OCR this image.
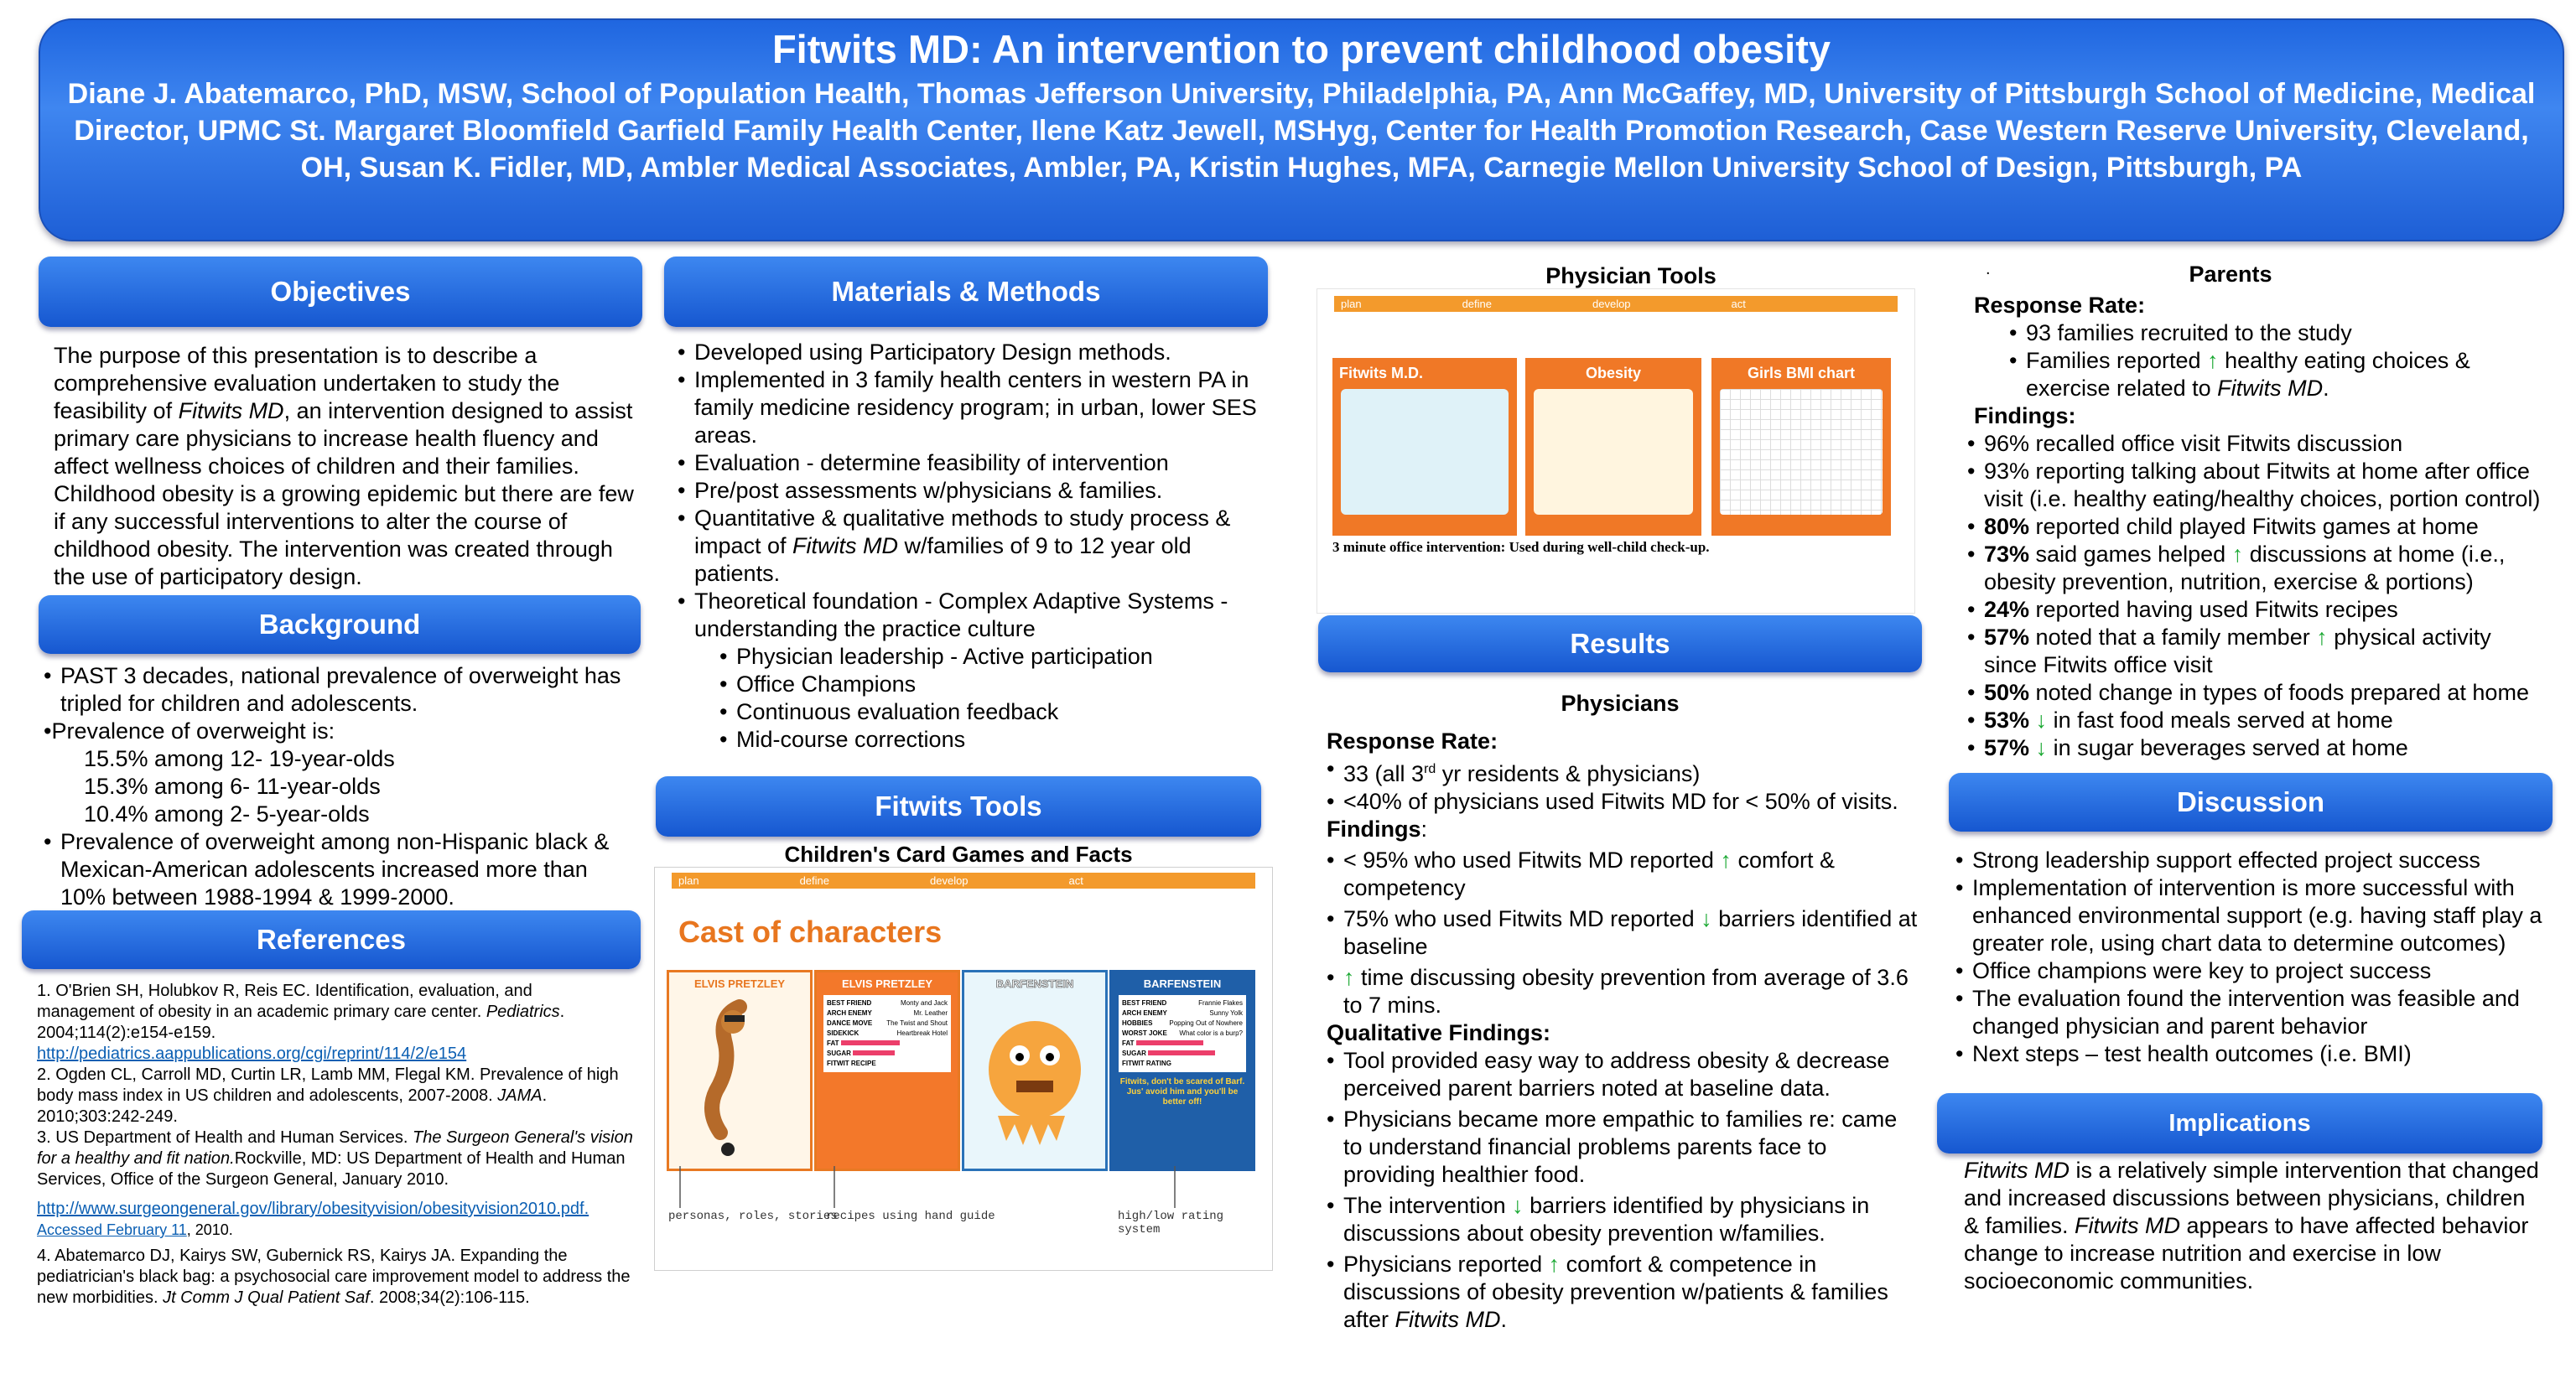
Fitwits MD: An intervention to prevent childhood obesity
Diane J. Abatemarco, PhD, MSW, School of Population Health, Thomas Jefferson University, Philadelphia, PA, Ann McGaffey, MD, University of Pittsburgh School of Medicine, Medical Director, UPMC St. Margaret Bloomfield Garfield Family Health Center, Ilene Katz Jewell, MSHyg, Center for Health Promotion Research, Case Western Reserve University, Cleveland, OH, Susan K. Fidler, MD, Ambler Medical Associates, Ambler, PA, Kristin Hughes, MFA, Carnegie Mellon University School of Design, Pittsburgh, PA
Objectives
The purpose of this presentation is to describe a comprehensive evaluation undertaken to study the feasibility of Fitwits MD, an intervention designed to assist primary care physicians to increase health fluency and affect wellness choices of children and their families. Childhood obesity is a growing epidemic but there are few if any successful interventions to alter the course of childhood obesity. The intervention was created through the use of participatory design.
Background
• PAST 3 decades, national prevalence of overweight has tripled for children and adolescents.
•Prevalence of overweight is:
15.5% among 12- 19-year-olds
15.3% among 6- 11-year-olds
10.4% among 2- 5-year-olds
• Prevalence of overweight among non-Hispanic black & Mexican-American adolescents increased more than 10% between 1988-1994 & 1999-2000.
References
1. O'Brien SH, Holubkov R, Reis EC. Identification, evaluation, and management of obesity in an academic primary care center. Pediatrics. 2004;114(2):e154-e159.
http://pediatrics.aappublications.org/cgi/reprint/114/2/e154
2. Ogden CL, Carroll MD, Curtin LR, Lamb MM, Flegal KM. Prevalence of high body mass index in US children and adolescents, 2007-2008. JAMA. 2010;303:242-249.
3. US Department of Health and Human Services. The Surgeon General's vision for a healthy and fit nation.Rockville, MD: US Department of Health and Human Services, Office of the Surgeon General, January 2010.
http://www.surgeongeneral.gov/library/obesityvision/obesityvision2010.pdf.
Accessed February 11, 2010.
4. Abatemarco DJ, Kairys SW, Gubernick RS, Kairys JA. Expanding the pediatrician's black bag: a psychosocial care improvement model to address the new morbidities. Jt Comm J Qual Patient Saf. 2008;34(2):106-115.
Materials & Methods
• Developed using Participatory Design methods.
• Implemented in 3 family health centers in western PA in family medicine residency program; in urban, lower SES areas.
• Evaluation - determine feasibility of intervention
• Pre/post assessments w/physicians & families.
• Quantitative & qualitative methods to study process & impact of Fitwits MD w/families of 9 to 12 year old patients.
• Theoretical foundation - Complex Adaptive Systems - understanding the practice culture
• Physician leadership - Active participation
• Office Champions
• Continuous evaluation feedback
• Mid-course corrections
Fitwits Tools
Children's Card Games and Facts
plan	define	develop	act
Cast of characters
ELVIS PRETZLEY	ELVIS PRETZLEY
BEST FRIEND	Monty and Jack
ARCH ENEMY	Mr. Leather
DANCE MOVE The Twist and Shout
SIDEKICK	Heartbreak Hotel
FAT
SUGAR
FITWIT RECIPE
BARFENSTEIN	BARFENSTEIN
BEST FRIEND	Frannie Flakes
ARCH ENEMY	Sunny Yolk
HOBBIES Popping Out of Nowhere
WORST JOKE What color is a burp?
FAT
SUGAR
FITWIT RATING
Fitwits, don't be scared of Barf. Jus' avoid him and you'll be better off!
personas, roles, stories
recipes using hand guide	high/low rating system
Physician Tools
plan	define	develop	act
Fitwits M.D.	Obesity	Girls BMI chart
3 minute office intervention: Used during well-child check-up.
Results
Physicians
Response Rate:
• 33 (all 3rd yr residents & physicians)
• <40% of physicians used Fitwits MD for < 50% of visits.
Findings:
• < 95% who used Fitwits MD reported ↑ comfort & competency
• 75% who used Fitwits MD reported ↓ barriers identified at baseline
• ↑ time discussing obesity prevention from average of 3.6 to 7 mins.
Qualitative Findings:
• Tool provided easy way to address obesity & decrease perceived parent barriers noted at baseline data.
• Physicians became more empathic to families re: came to understand financial problems parents face to providing healthier food.
• The intervention ↓ barriers identified by physicians in discussions about obesity prevention w/families.
• Physicians reported ↑ comfort & competence in discussions of obesity prevention w/patients & families after Fitwits MD.
.	Parents
Response Rate:
• 93 families recruited to the study
• Families reported ↑ healthy eating choices & exercise related to Fitwits MD.
Findings:
• 96% recalled office visit Fitwits discussion
• 93% reporting talking about Fitwits at home after office visit (i.e. healthy eating/healthy choices, portion control)
• 80% reported child played Fitwits games at home
• 73% said games helped ↑ discussions at home (i.e., obesity prevention, nutrition, exercise & portions)
• 24% reported having used Fitwits recipes
• 57% noted that a family member ↑ physical activity since Fitwits office visit
• 50% noted change in types of foods prepared at home
• 53% ↓ in fast food meals served at home
• 57% ↓ in sugar beverages served at home
Discussion
• Strong leadership support effected project success
• Implementation of intervention is more successful with enhanced environmental support (e.g. having staff play a greater role, using chart data to determine outcomes)
• Office champions were key to project success
• The evaluation found the intervention was feasible and changed physician and parent behavior
• Next steps – test health outcomes (i.e. BMI)
Implications
Fitwits MD is a relatively simple intervention that changed and increased discussions between physicians, children & families. Fitwits MD appears to have affected behavior change to increase nutrition and exercise in low socioeconomic communities.
